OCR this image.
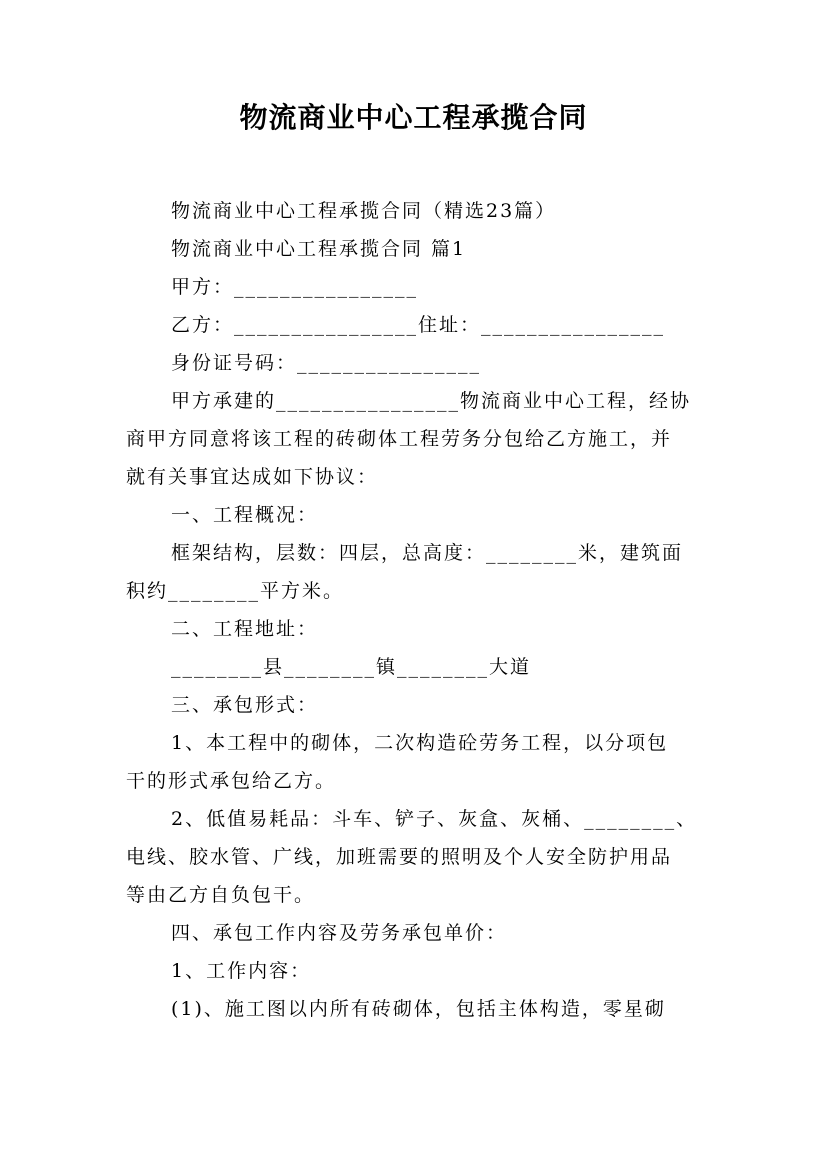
物流商业中心工程承揽合同

物流商业中心工程承揽合同（精选23篇）

物流商业中心工程承揽合同 篇1

甲方：________________

乙方：________________住址：________________

身份证号码：________________

甲方承建的________________物流商业中心工程，经协

商甲方同意将该工程的砖砌体工程劳务分包给乙方施工，并

就有关事宜达成如下协议：

一、工程概况：

框架结构，层数：四层，总高度：________米，建筑面

积约________平方米。

二、工程地址：

________县________镇________大道

三、承包形式：

1、本工程中的砌体，二次构造砼劳务工程，以分项包

干的形式承包给乙方。

2、低值易耗品：斗车、铲子、灰盒、灰桶、________、

电线、胶水管、广线，加班需要的照明及个人安全防护用品

等由乙方自负包干。

四、承包工作内容及劳务承包单价：

1、工作内容：

(1)、施工图以内所有砖砌体，包括主体构造，零星砌
